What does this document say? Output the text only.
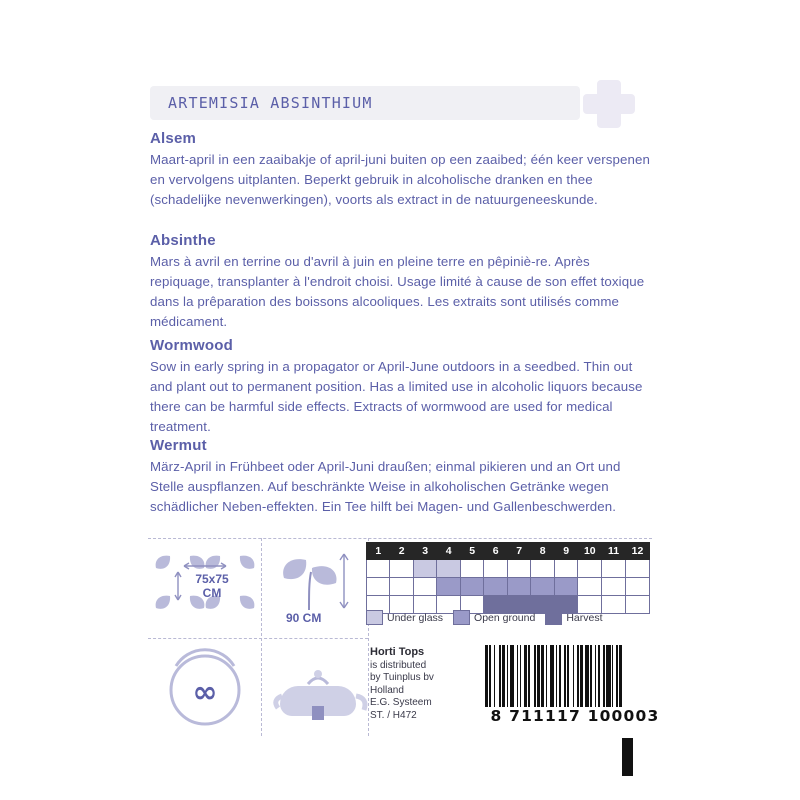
ARTEMISIA ABSINTHIUM
Alsem

Maart-april in een zaaibakje of april-juni buiten op een zaaibed; één keer verspenen en vervolgens uitplanten. Beperkt gebruik in alcoholische dranken en thee (schadelijke nevenwerkingen), voorts als extract in de natuurgeneeskunde.

Absinthe

Mars à avril en terrine ou d'avril à juin en pleine terre en pêpiniè-re. Après repiquage, transplanter à l'endroit choisi. Usage limité à cause de son effet toxique dans la prêparation des boissons alcooliques. Les extraits sont utilisés comme médicament.

Wormwood

Sow in early spring in a propagator or April-June outdoors in a seedbed. Thin out and plant out to permanent position. Has a limited use in alcoholic liquors because there can be harmful side effects. Extracts of wormwood are used for medical treatment.

Wermut

März-April in Frühbeet oder April-Juni draußen; einmal pikieren und an Ort und Stelle auspflanzen. Auf beschränkte Weise in alkoholischen Getränke wegen schädlicher Neben-effekten. Ein Tee hilft bei Magen- und Gallenbeschwerden.

75x75
CM
90 CM
1	2	3	4	5	6	7	8	9	10	11	12

Under glass	Open ground	Harvest
∞
Horti Tops
is distributed
by Tuinplus bv
Holland
E.G. Systeem
ST. / H472	8 711117 100003
